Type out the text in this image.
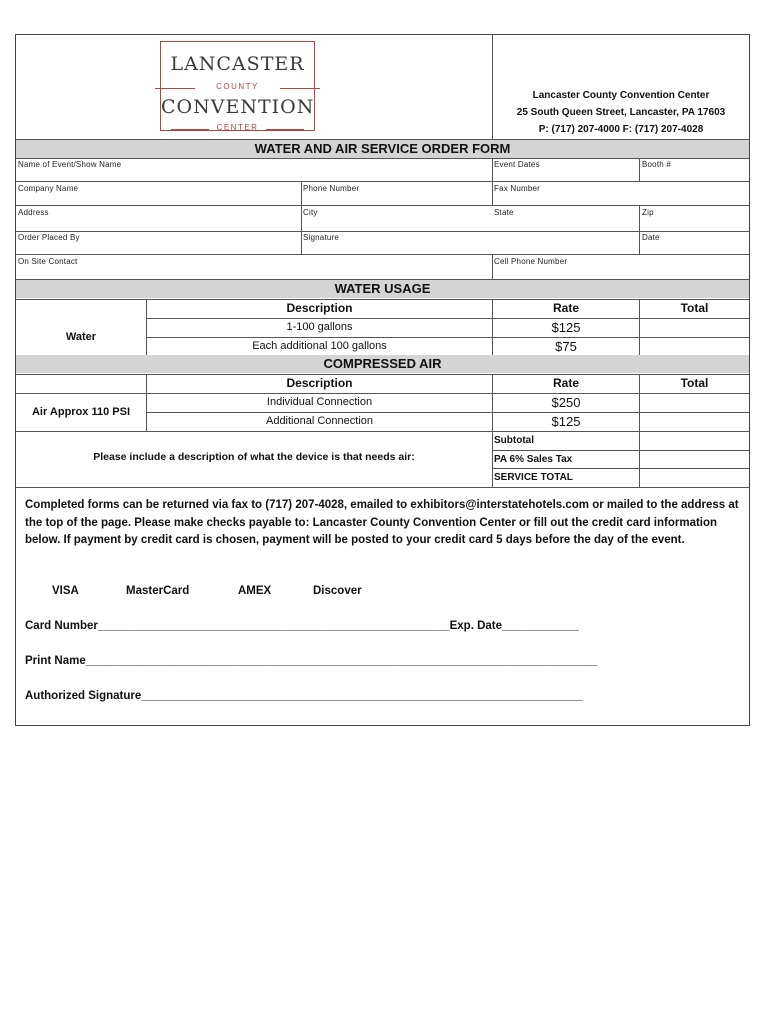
LANCASTER
COUNTY
CONVENTION
CENTER
Lancaster County Convention Center
25 South Queen Street, Lancaster, PA 17603
P: (717) 207-4000 F: (717) 207-4028
WATER AND AIR SERVICE ORDER FORM
Name of Event/Show Name	Event Dates	Booth #
Company Name	Phone Number	Fax Number
Address	City	State	Zip
Order Placed By	Signature	Date
On Site Contact	Cell Phone Number
WATER USAGE
Description	Rate	Total
Water
1-100 gallons	$125
Each additional 100 gallons	$75
COMPRESSED AIR
Description	Rate	Total
Air Approx 110 PSI
Individual Connection	$250
Additional Connection	$125
Please include a description of what the device is that needs air:
Subtotal
PA 6% Sales Tax
SERVICE TOTAL
Completed forms can be returned via fax to (717) 207-4028, emailed to exhibitors@interstatehotels.com or mailed to the address at the top of the page. Please make checks payable to: Lancaster County Convention Center or fill out the credit card information below. If payment by credit card is chosen, payment will be posted to your credit card 5 days before the day of the event.
VISA	MasterCard	AMEX	Discover
Card Number_______________________________________________________Exp. Date____________
Print Name________________________________________________________________________________
Authorized Signature_____________________________________________________________________
